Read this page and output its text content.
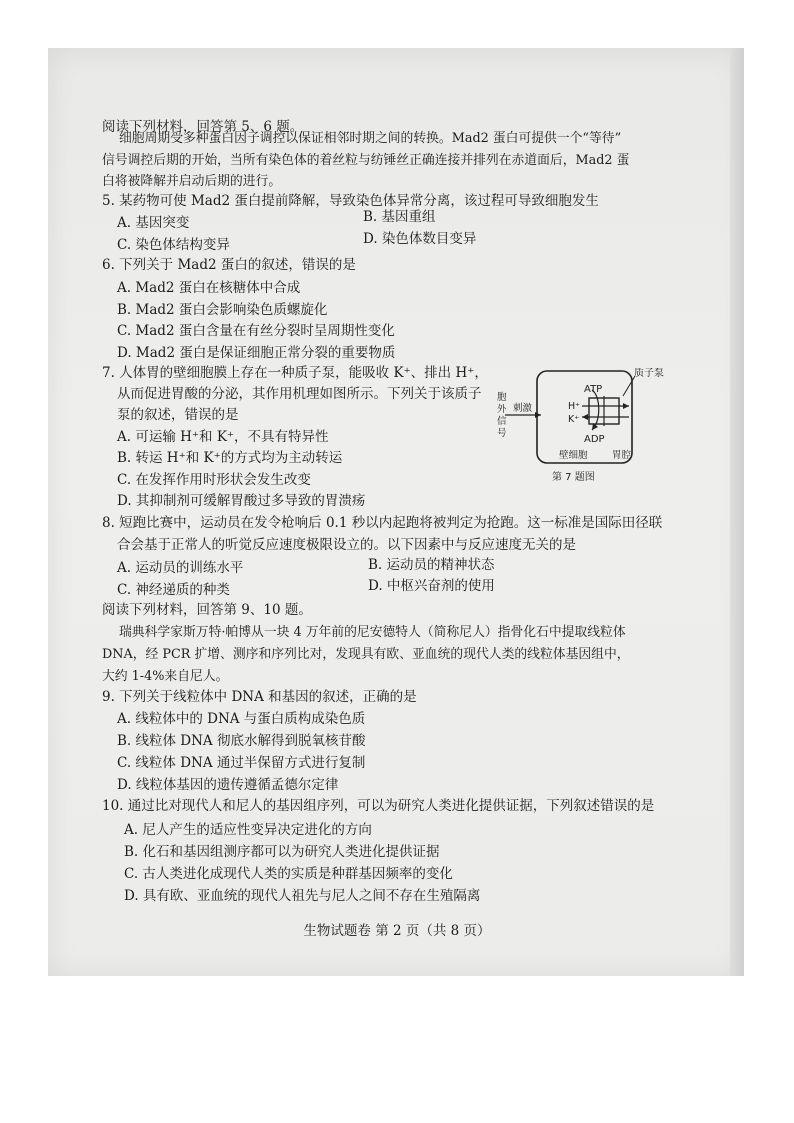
阅读下列材料，回答第 5、6 题。
细胞周期受多种蛋白因子调控以保证相邻时期之间的转换。Mad2 蛋白可提供一个“等待”
信号调控后期的开始，当所有染色体的着丝粒与纺锤丝正确连接并排列在赤道面后，Mad2 蛋
白将被降解并启动后期的进行。
5. 某药物可使 Mad2 蛋白提前降解，导致染色体异常分离，该过程可导致细胞发生
A. 基因突变	B. 基因重组
C. 染色体结构变异	D. 染色体数目变异
6. 下列关于 Mad2 蛋白的叙述，错误的是
A. Mad2 蛋白在核糖体中合成
B. Mad2 蛋白会影响染色质螺旋化
C. Mad2 蛋白含量在有丝分裂时呈周期性变化
D. Mad2 蛋白是保证细胞正常分裂的重要物质
7. 人体胃的壁细胞膜上存在一种质子泵，能吸收 K⁺、排出 H⁺，
从而促进胃酸的分泌，其作用机理如图所示。下列关于该质子
泵的叙述，错误的是
A. 可运输 H⁺和 K⁺，不具有特异性
B. 转运 H⁺和 K⁺的方式均为主动转运
C. 在发挥作用时形状会发生改变
D. 其抑制剂可缓解胃酸过多导致的胃溃疡
质子泵
ATP
ADP
H⁺
K⁺
刺激
胞
外
信
号
壁细胞	胃腔
第 7 题图
8. 短跑比赛中，运动员在发令枪响后 0.1 秒以内起跑将被判定为抢跑。这一标准是国际田径联
合会基于正常人的听觉反应速度极限设立的。以下因素中与反应速度无关的是
A. 运动员的训练水平	B. 运动员的精神状态
C. 神经递质的种类	D. 中枢兴奋剂的使用
阅读下列材料，回答第 9、10 题。
瑞典科学家斯万特·帕博从一块 4 万年前的尼安德特人（简称尼人）指骨化石中提取线粒体
DNA，经 PCR 扩增、测序和序列比对，发现具有欧、亚血统的现代人类的线粒体基因组中，
大约 1-4%来自尼人。
9. 下列关于线粒体中 DNA 和基因的叙述，正确的是
A. 线粒体中的 DNA 与蛋白质构成染色质
B. 线粒体 DNA 彻底水解得到脱氧核苷酸
C. 线粒体 DNA 通过半保留方式进行复制
D. 线粒体基因的遗传遵循孟德尔定律
10. 通过比对现代人和尼人的基因组序列，可以为研究人类进化提供证据，下列叙述错误的是
A. 尼人产生的适应性变异决定进化的方向
B. 化石和基因组测序都可以为研究人类进化提供证据
C. 古人类进化成现代人类的实质是种群基因频率的变化
D. 具有欧、亚血统的现代人祖先与尼人之间不存在生殖隔离
生物试题卷 第 2 页（共 8 页）
